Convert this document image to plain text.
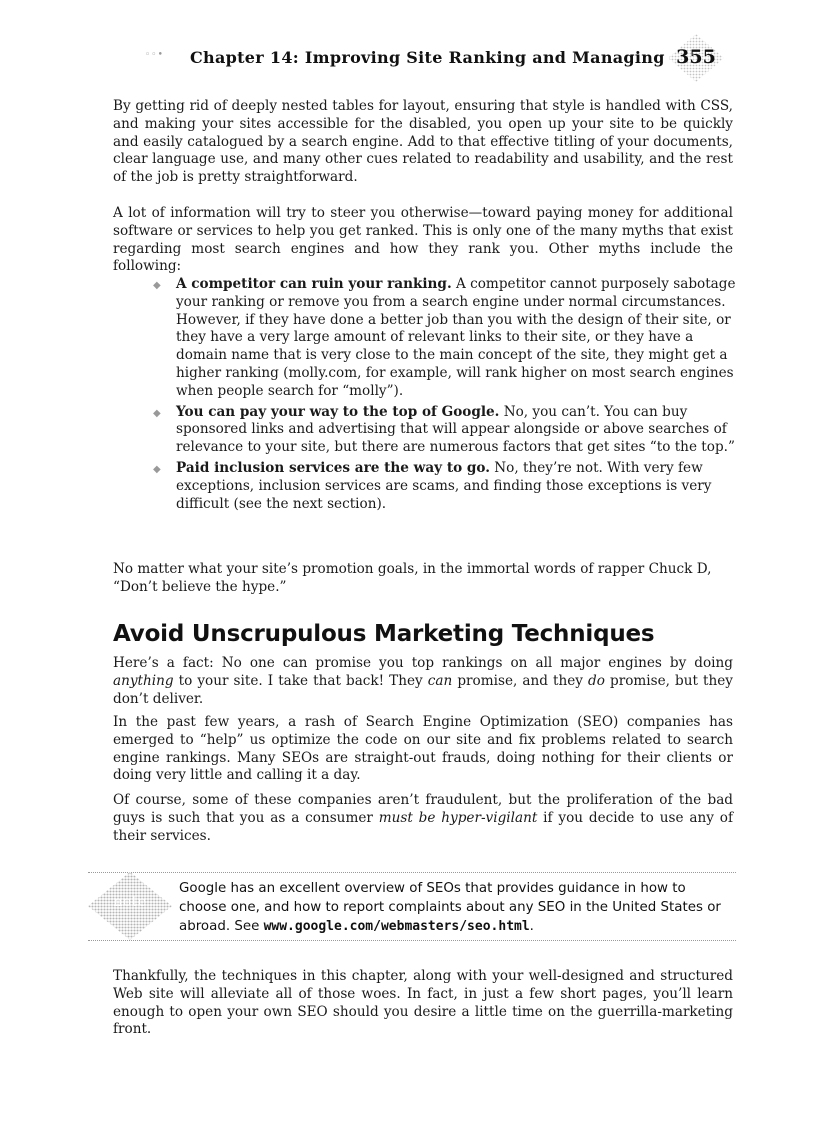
◦◦• Chapter 14: Improving Site Ranking and Managing 355

By getting rid of deeply nested tables for layout, ensuring that style is handled with CSS, and making your sites accessible for the disabled, you open up your site to be quickly and easily catalogued by a search engine. Add to that effective titling of your documents, clear language use, and many other cues related to readability and usability, and the rest of the job is pretty straightforward.

A lot of information will try to steer you otherwise—toward paying money for additional software or services to help you get ranked. This is only one of the many myths that exist regarding most search engines and how they rank you. Other myths include the following:

◆ A competitor can ruin your ranking. A competitor cannot purposely sabotage your ranking or remove you from a search engine under normal circumstances. However, if they have done a better job than you with the design of their site, or they have a very large amount of relevant links to their site, or they have a domain name that is very close to the main concept of the site, they might get a higher ranking (molly.com, for example, will rank higher on most search engines when people search for “molly”).
◆ You can pay your way to the top of Google. No, you can’t. You can buy sponsored links and advertising that will appear alongside or above searches of relevance to your site, but there are numerous factors that get sites “to the top.”
◆ Paid inclusion services are the way to go. No, they’re not. With very few exceptions, inclusion services are scams, and finding those exceptions is very difficult (see the next section).

No matter what your site’s promotion goals, in the immortal words of rapper Chuck D, “Don’t believe the hype.”

Avoid Unscrupulous Marketing Techniques

Here’s a fact: No one can promise you top rankings on all major engines by doing anything to your site. I take that back! They can promise, and they do promise, but they don’t deliver.

In the past few years, a rash of Search Engine Optimization (SEO) companies has emerged to “help” us optimize the code on our site and fix problems related to search engine rankings. Many SEOs are straight-out frauds, doing nothing for their clients or doing very little and calling it a day.

Of course, some of these companies aren’t fraudulent, but the proliferation of the bad guys is such that you as a consumer must be hyper-vigilant if you decide to use any of their services.

note

Google has an excellent overview of SEOs that provides guidance in how to choose one, and how to report complaints about any SEO in the United States or abroad. See www.google.com/webmasters/seo.html.

Thankfully, the techniques in this chapter, along with your well-designed and structured Web site will alleviate all of those woes. In fact, in just a few short pages, you’ll learn enough to open your own SEO should you desire a little time on the guerrilla-marketing front.
